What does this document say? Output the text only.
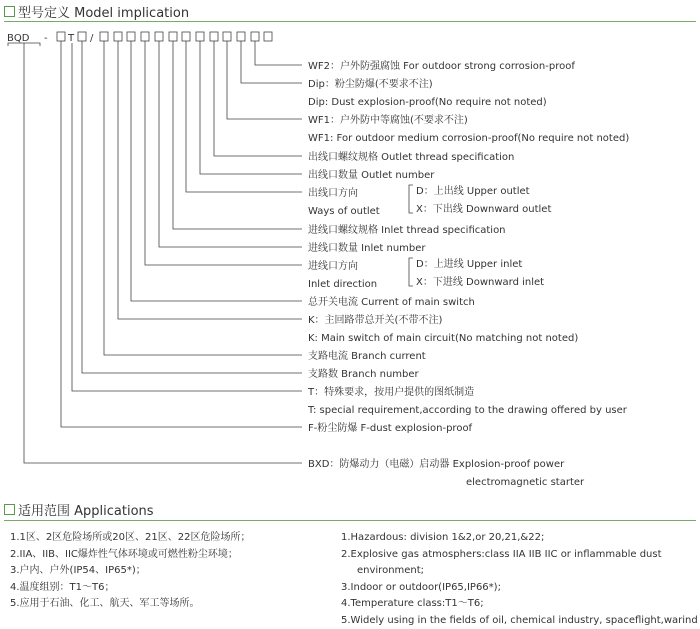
型号定义 Model implication
BQD - T /
WF2：户外防强腐蚀 For outdoor strong corrosion-proof
Dip：粉尘防爆(不要求不注)
Dip: Dust explosion-proof(No require not noted)
WF1：户外防中等腐蚀(不要求不注)
WF1: For outdoor medium corrosion-proof(No require not noted)
出线口螺纹规格 Outlet thread specification
出线口数量 Outlet number
出线口方向
Ways of outlet
进线口螺纹规格 Inlet thread specification
进线口数量 Inlet number
进线口方向
Inlet direction
总开关电流 Current of main switch
K：主回路带总开关(不带不注)
K: Main switch of main circuit(No matching not noted)
支路电流 Branch current
支路数 Branch number
T：特殊要求，按用户提供的图纸制造
T: special requirement,according to the drawing offered by user
F-粉尘防爆 F-dust explosion-proof
BXD：防爆动力（电磁）启动器 Explosion-proof power
electromagnetic starter
D：上出线 Upper outlet
X：下出线 Downward outlet
D：上进线 Upper inlet
X：下进线 Downward inlet
适用范围 Applications
1.1区、2区危险场所或20区、21区、22区危险场所；
2.IIA、IIB、IIC爆炸性气体环境或可燃性粉尘环境；
3.户内、户外(IP54、IP65*)；
4.温度组别：T1～T6；
5.应用于石油、化工、航天、军工等场所。
1.Hazardous: division 1&2,or 20,21,&22;
2.Explosive gas atmosphers:class IIA IIB IIC or inflammable dust environment;
3.Indoor or outdoor(IP65,IP66*);
4.Temperature class:T1～T6;
5.Widely using in the fields of oil, chemical industry, spaceflight,warind
